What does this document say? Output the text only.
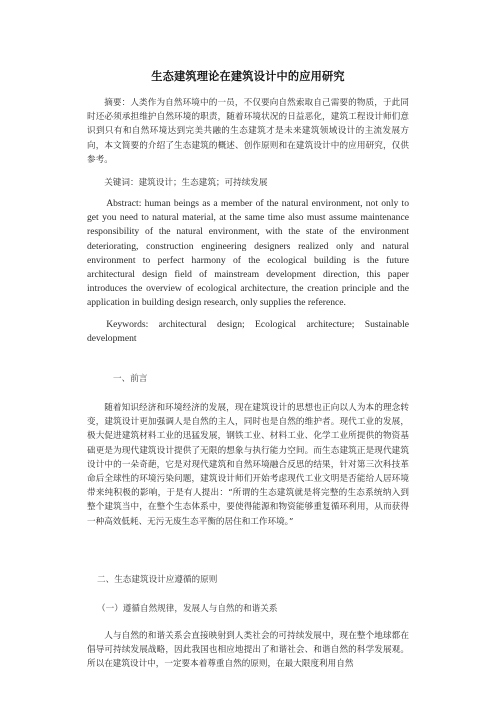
生态建筑理论在建筑设计中的应用研究
摘要：人类作为自然环境中的一员，不仅要向自然索取自己需要的物质，于此同时还必须承担维护自然环境的职责，随着环境状况的日益恶化，建筑工程设计师们意识到只有和自然环境达到完美共融的生态建筑才是未来建筑领域设计的主流发展方向，本文简要的介绍了生态建筑的概述、创作原则和在建筑设计中的应用研究，仅供参考。
关键词：建筑设计；生态建筑；可持续发展
Abstract: human beings as a member of the natural environment, not only to get you need to natural material, at the same time also must assume maintenance responsibility of the natural environment, with the state of the environment deteriorating, construction engineering designers realized only and natural environment to perfect harmony of the ecological building is the future architectural design field of mainstream development direction, this paper introduces the overview of ecological architecture, the creation principle and the application in building design research, only supplies the reference.
Keywords: architectural design; Ecological architecture; Sustainable development
一、前言
随着知识经济和环境经济的发展，现在建筑设计的思想也正向以人为本的理念转变，建筑设计更加强调人是自然的主人，同时也是自然的维护者。现代工业的发展，极大促进建筑材料工业的迅猛发展，钢铁工业、材料工业、化学工业所提供的物资基础更是为现代建筑设计提供了无限的想象与执行能力空间。而生态建筑正是现代建筑设计中的一朵奇葩，它是对现代建筑和自然环境融合反思的结果，针对第三次科技革命后全球性的环境污染问题，建筑设计师们开始考虑现代工业文明是否能给人居环境带来纯积极的影响，于是有人提出：“所谓的生态建筑就是将完整的生态系统纳入到整个建筑当中，在整个生态体系中，要使得能源和物资能够重复循环利用，从而获得一种高效低耗、无污无废生态平衡的居住和工作环境。”
二、生态建筑设计应遵循的原则
（一）遵循自然规律，发展人与自然的和谐关系
人与自然的和谐关系会直接映射到人类社会的可持续发展中，现在整个地球都在倡导可持续发展战略，因此我国也相应地提出了和谐社会、和谐自然的科学发展观。所以在建筑设计中，一定要本着尊重自然的原则，在最大限度利用自然
